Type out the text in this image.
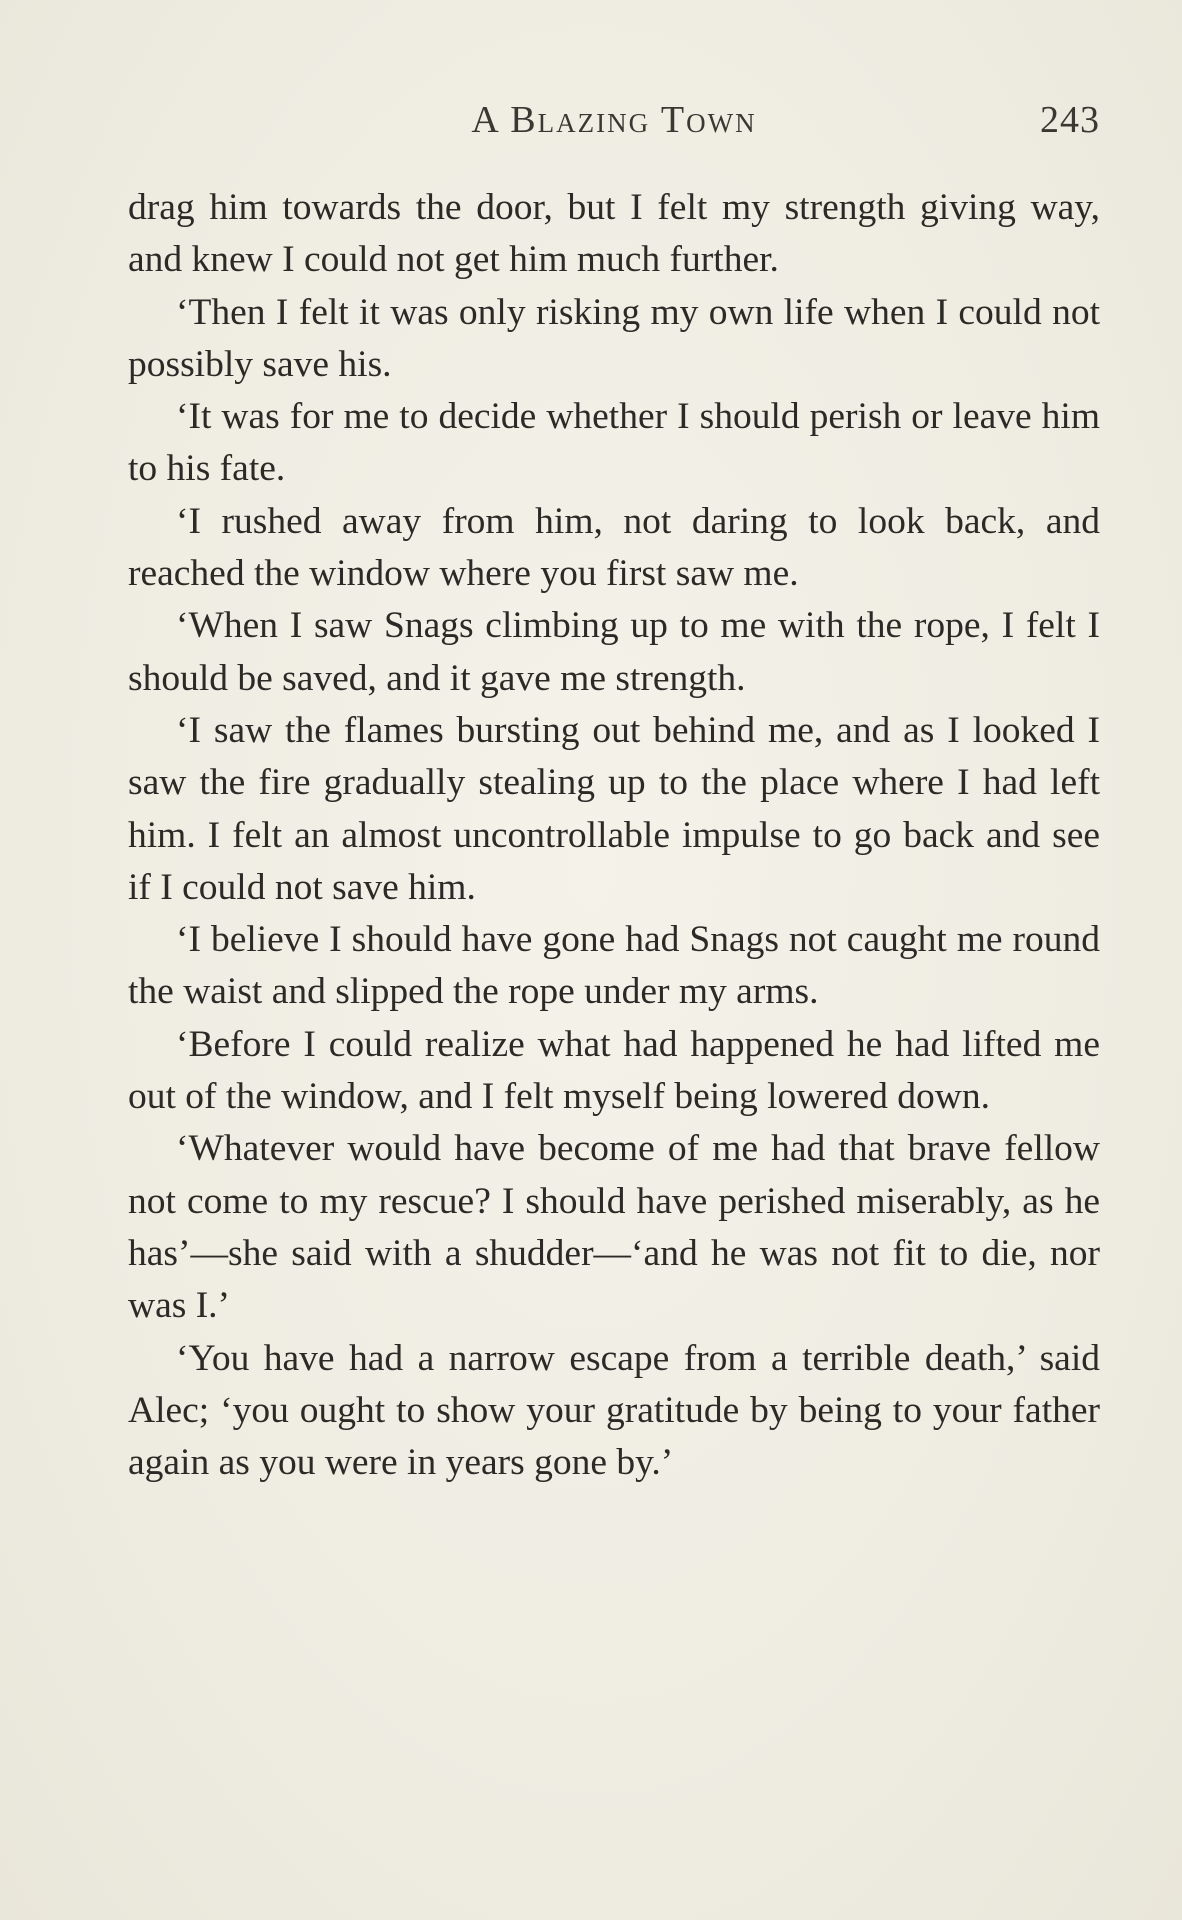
A Blazing Town	243

drag him towards the door, but I felt my strength giving way, and knew I could not get him much further.

‘Then I felt it was only risking my own life when I could not possibly save his.

‘It was for me to decide whether I should perish or leave him to his fate.

‘I rushed away from him, not daring to look back, and reached the window where you first saw me.

‘When I saw Snags climbing up to me with the rope, I felt I should be saved, and it gave me strength.

‘I saw the flames bursting out behind me, and as I looked I saw the fire gradually stealing up to the place where I had left him. I felt an almost uncontrollable impulse to go back and see if I could not save him.

‘I believe I should have gone had Snags not caught me round the waist and slipped the rope under my arms.

‘Before I could realize what had happened he had lifted me out of the window, and I felt myself being lowered down.

‘Whatever would have become of me had that brave fellow not come to my rescue? I should have perished miserably, as he has’—she said with a shudder—‘and he was not fit to die, nor was I.’

‘You have had a narrow escape from a terrible death,’ said Alec; ‘you ought to show your gratitude by being to your father again as you were in years gone by.’
